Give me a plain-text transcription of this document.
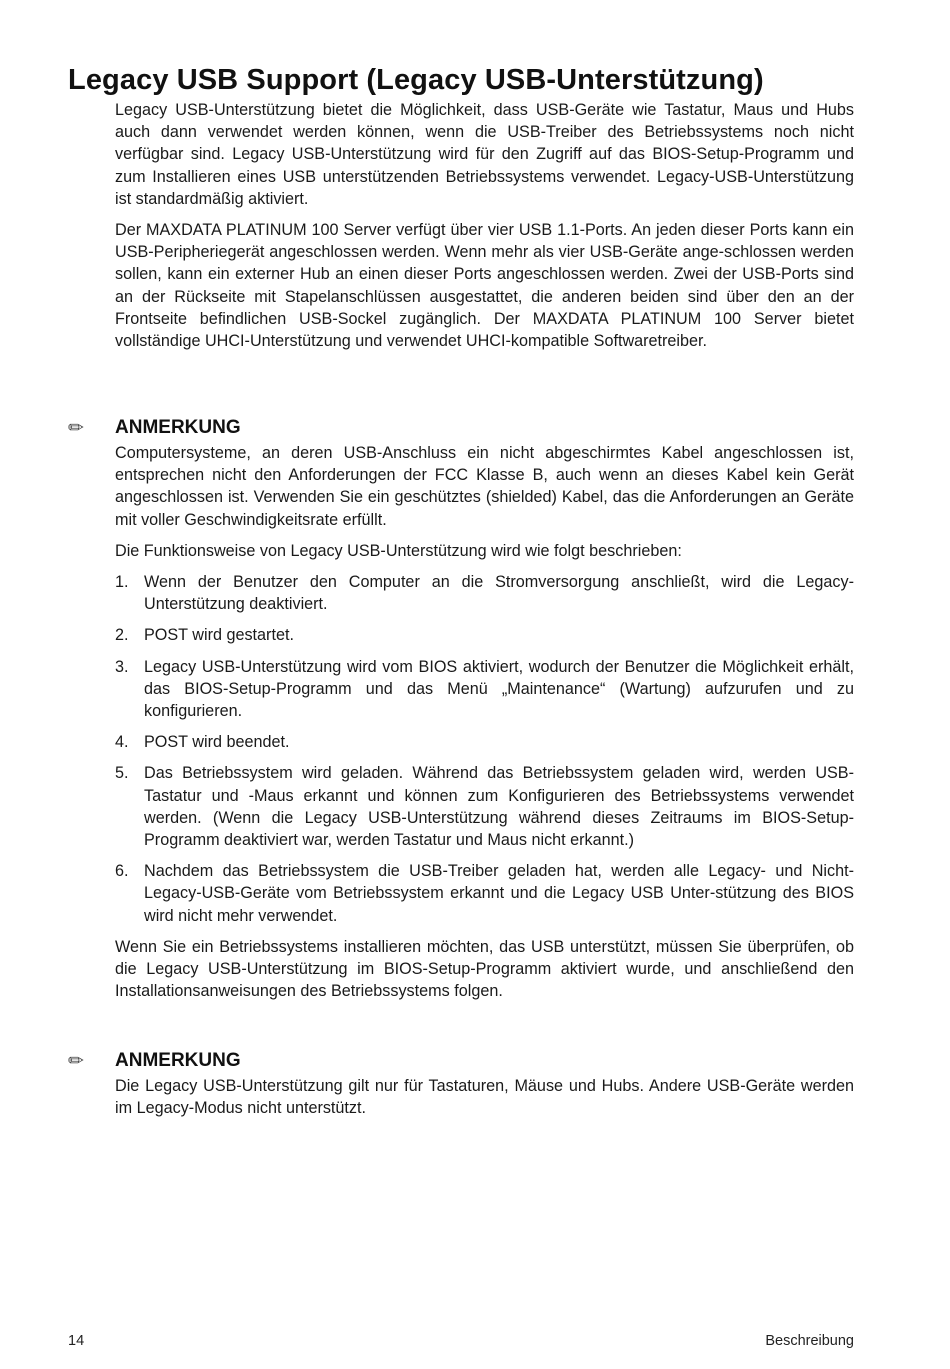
Legacy USB Support (Legacy USB-Unterstützung)

Legacy USB-Unterstützung bietet die Möglichkeit, dass USB-Geräte wie Tastatur, Maus und Hubs auch dann verwendet werden können, wenn die USB-Treiber des Betriebssystems noch nicht verfügbar sind. Legacy USB-Unterstützung wird für den Zugriff auf das BIOS-Setup-Programm und zum Installieren eines USB unterstützenden Betriebssystems verwendet. Legacy-USB-Unterstützung ist standardmäßig aktiviert.

Der MAXDATA PLATINUM 100 Server verfügt über vier USB 1.1-Ports. An jeden dieser Ports kann ein USB-Peripheriegerät angeschlossen werden. Wenn mehr als vier USB-Geräte ange-schlossen werden sollen, kann ein externer Hub an einen dieser Ports angeschlossen werden. Zwei der USB-Ports sind an der Rückseite mit Stapelanschlüssen ausgestattet, die anderen beiden sind über den an der Frontseite befindlichen USB-Sockel zugänglich. Der MAXDATA PLATINUM 100 Server bietet vollständige UHCI-Unterstützung und verwendet UHCI-kompatible Softwaretreiber.

✏ ANMERKUNG

Computersysteme, an deren USB-Anschluss ein nicht abgeschirmtes Kabel angeschlossen ist, entsprechen nicht den Anforderungen der FCC Klasse B, auch wenn an dieses Kabel kein Gerät angeschlossen ist. Verwenden Sie ein geschütztes (shielded) Kabel, das die Anforderungen an Geräte mit voller Geschwindigkeitsrate erfüllt.

Die Funktionsweise von Legacy USB-Unterstützung wird wie folgt beschrieben:

1. Wenn der Benutzer den Computer an die Stromversorgung anschließt, wird die Legacy-Unterstützung deaktiviert.
2. POST wird gestartet.
3. Legacy USB-Unterstützung wird vom BIOS aktiviert, wodurch der Benutzer die Möglichkeit erhält, das BIOS-Setup-Programm und das Menü „Maintenance“ (Wartung) aufzurufen und zu konfigurieren.
4. POST wird beendet.
5. Das Betriebssystem wird geladen. Während das Betriebssystem geladen wird, werden USB-Tastatur und -Maus erkannt und können zum Konfigurieren des Betriebssystems verwendet werden. (Wenn die Legacy USB-Unterstützung während dieses Zeitraums im BIOS-Setup-Programm deaktiviert war, werden Tastatur und Maus nicht erkannt.)
6. Nachdem das Betriebssystem die USB-Treiber geladen hat, werden alle Legacy- und Nicht-Legacy-USB-Geräte vom Betriebssystem erkannt und die Legacy USB Unter-stützung des BIOS wird nicht mehr verwendet.

Wenn Sie ein Betriebssystems installieren möchten, das USB unterstützt, müssen Sie überprüfen, ob die Legacy USB-Unterstützung im BIOS-Setup-Programm aktiviert wurde, und anschließend den Installationsanweisungen des Betriebssystems folgen.

✏ ANMERKUNG

Die Legacy USB-Unterstützung gilt nur für Tastaturen, Mäuse und Hubs. Andere USB-Geräte werden im Legacy-Modus nicht unterstützt.

14	Beschreibung
